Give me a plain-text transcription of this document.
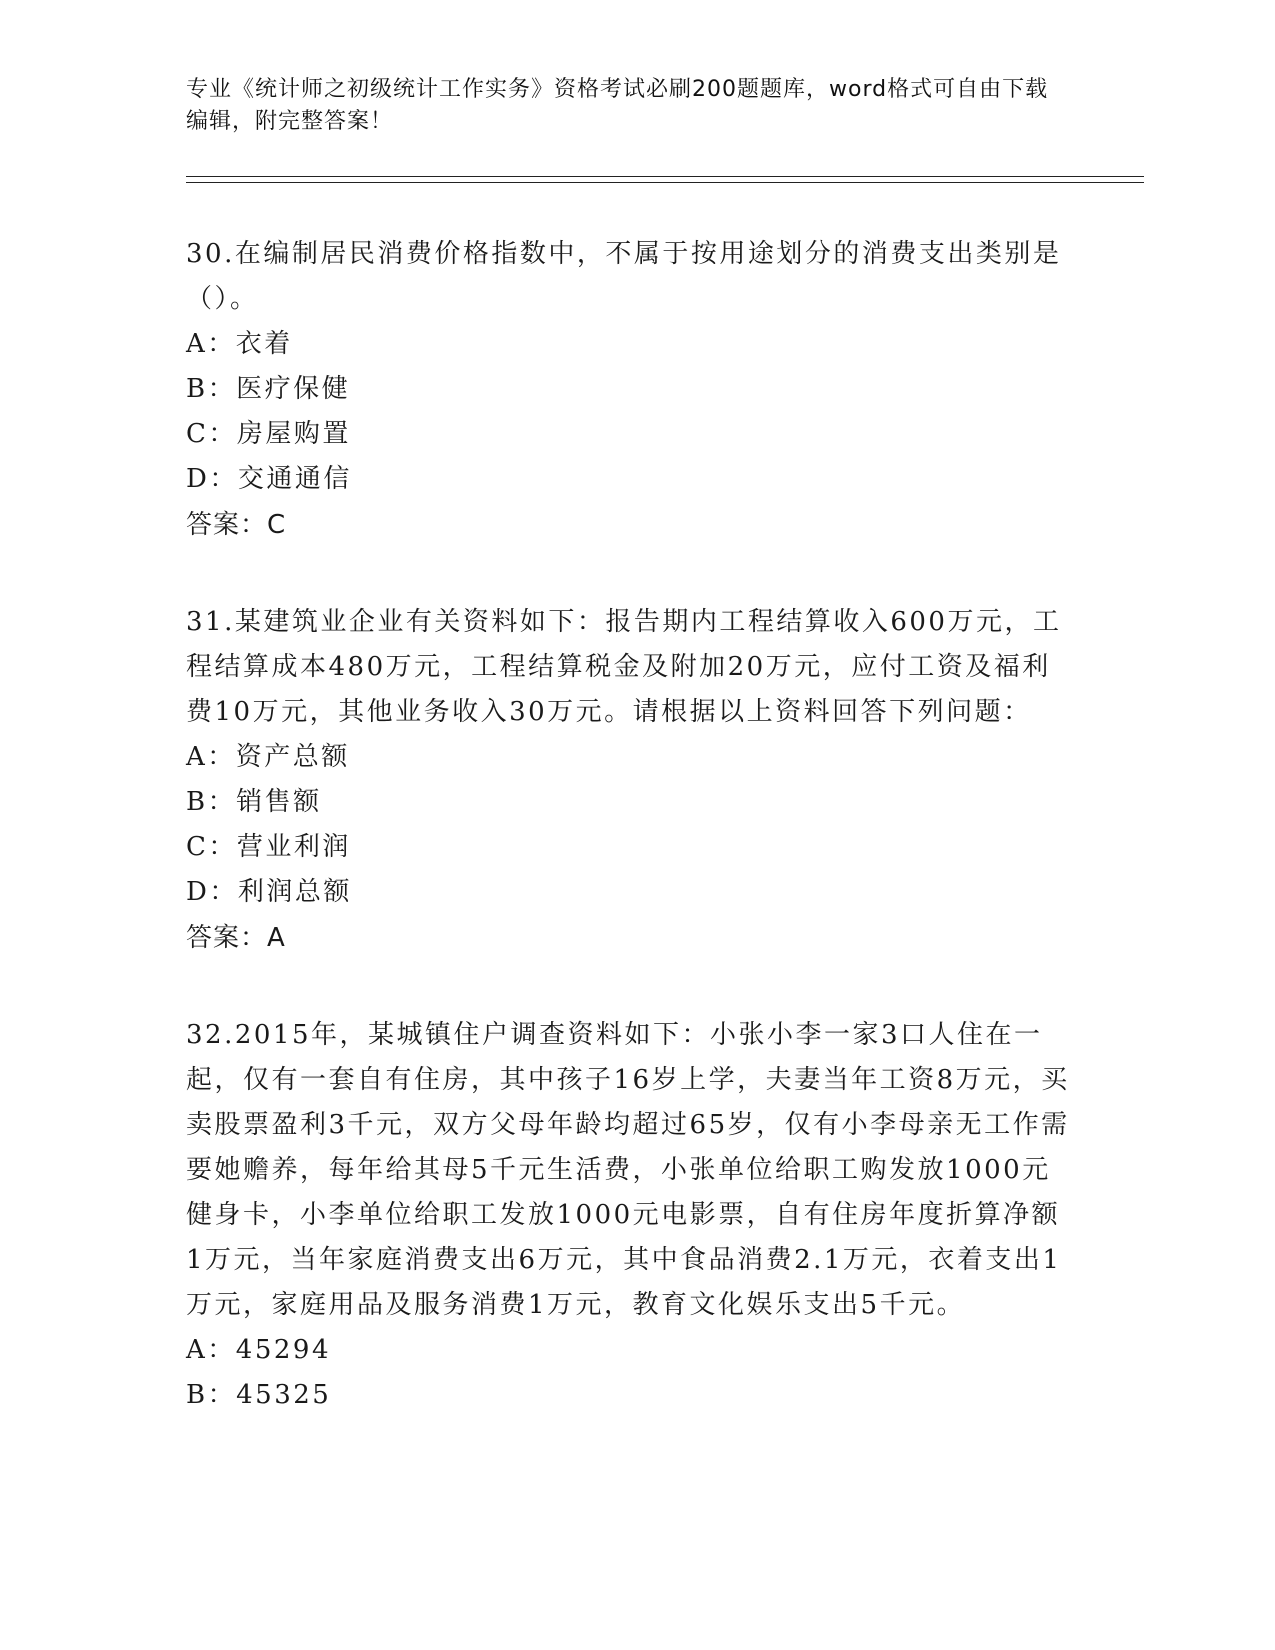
专业《统计师之初级统计工作实务》资格考试必刷200题题库，word格式可自由下载编辑，附完整答案！

30.在编制居民消费价格指数中，不属于按用途划分的消费支出类别是（）。

A：衣着

B：医疗保健

C：房屋购置

D：交通通信

答案：C

31.某建筑业企业有关资料如下：报告期内工程结算收入600万元，工程结算成本480万元，工程结算税金及附加20万元，应付工资及福利费10万元，其他业务收入30万元。请根据以上资料回答下列问题：

A：资产总额

B：销售额

C：营业利润

D：利润总额

答案：A

32.2015年，某城镇住户调查资料如下：小张小李一家3口人住在一起，仅有一套自有住房，其中孩子16岁上学，夫妻当年工资8万元，买卖股票盈利3千元，双方父母年龄均超过65岁，仅有小李母亲无工作需要她赡养，每年给其母5千元生活费，小张单位给职工购发放1000元健身卡，小李单位给职工发放1000元电影票，自有住房年度折算净额1万元，当年家庭消费支出6万元，其中食品消费2.1万元，衣着支出1万元，家庭用品及服务消费1万元，教育文化娱乐支出5千元。

A：45294

B：45325
